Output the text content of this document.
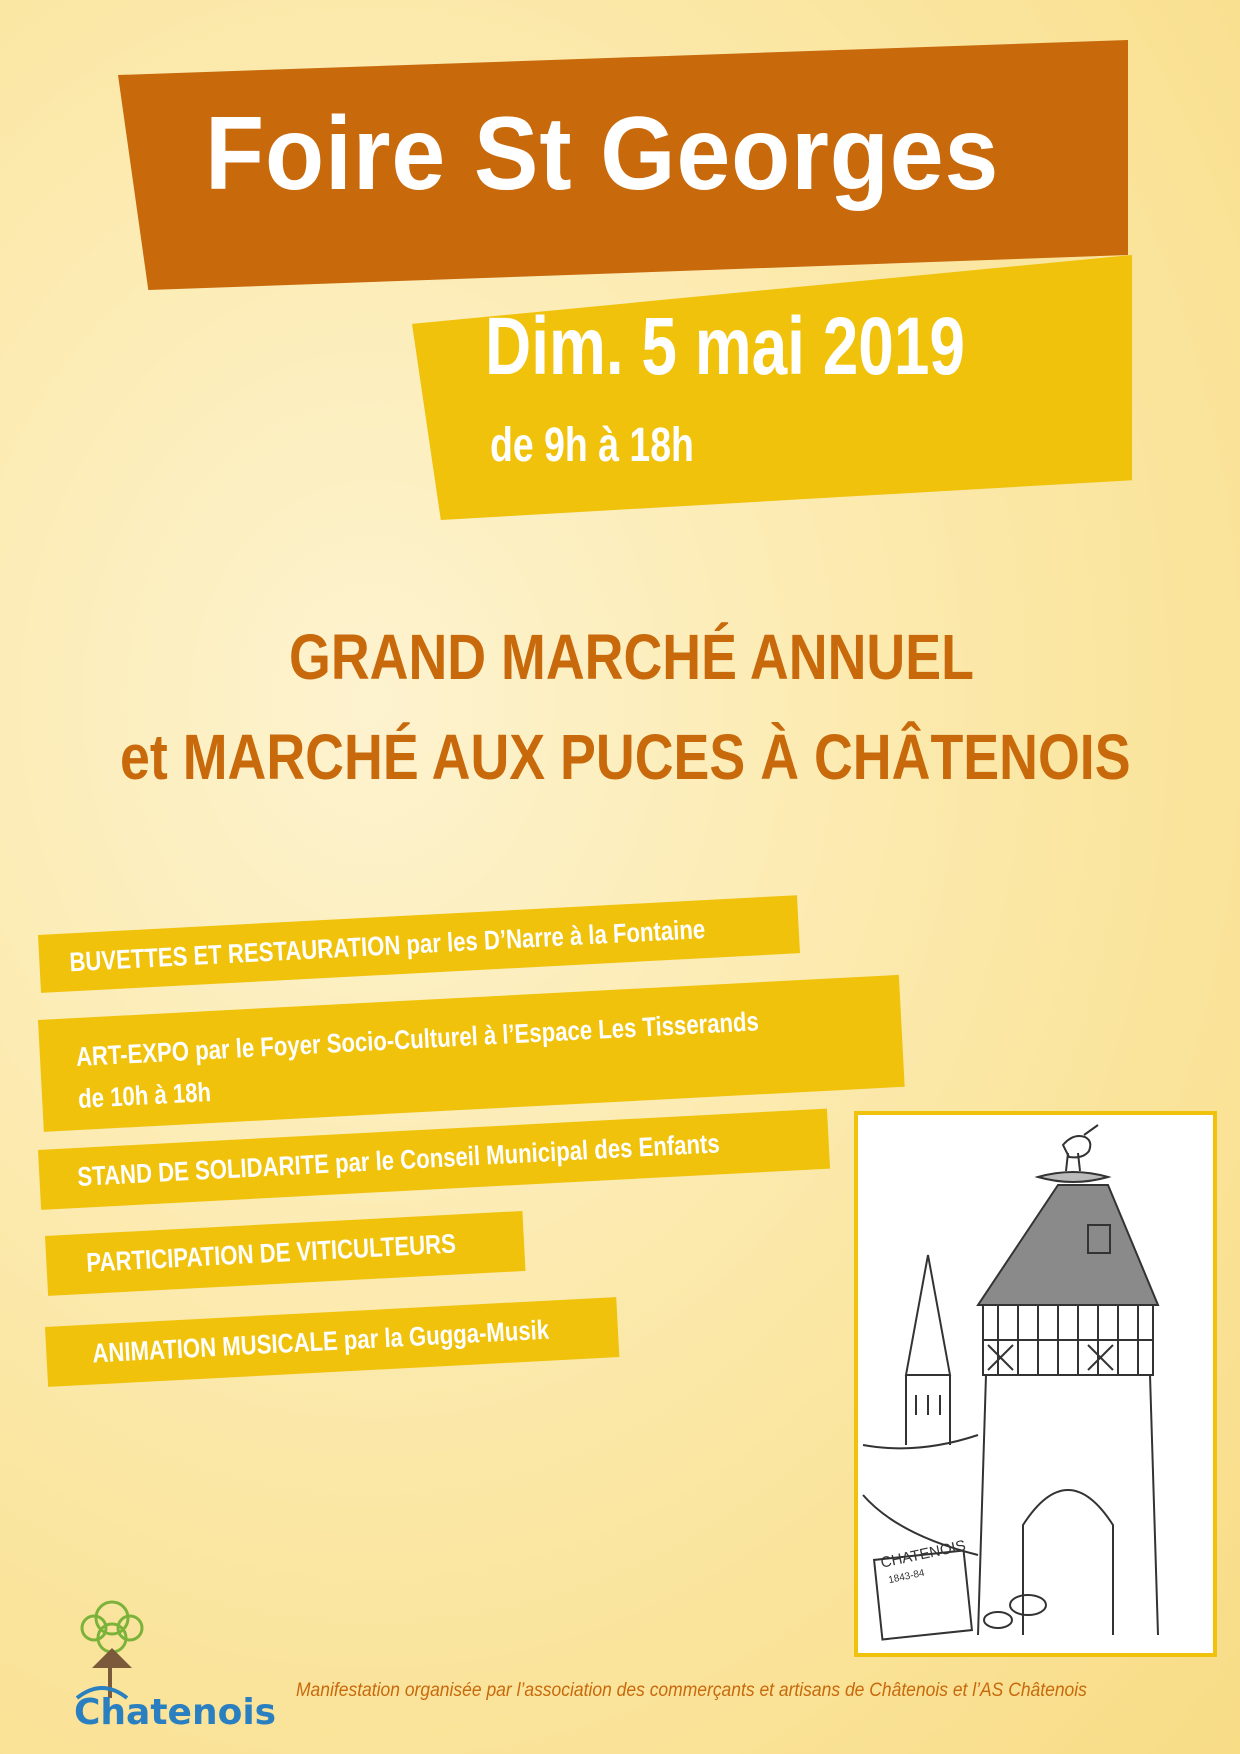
Foire St Georges
Dim. 5 mai 2019
de 9h à 18h
GRAND MARCHÉ ANNUEL
et MARCHÉ AUX PUCES À CHÂTENOIS
BUVETTES ET RESTAURATION par les D’Narre à la Fontaine
ART-EXPO par le Foyer Socio-Culturel à l’Espace Les Tisserands
de 10h à 18h
STAND DE SOLIDARITE par le Conseil Municipal des Enfants
PARTICIPATION DE VITICULTEURS
ANIMATION MUSICALE par la Gugga-Musik
CHATENOIS
1843-84
Chatenois
Manifestation organisée par l’association des commerçants et artisans de Châtenois et l’AS Châtenois
